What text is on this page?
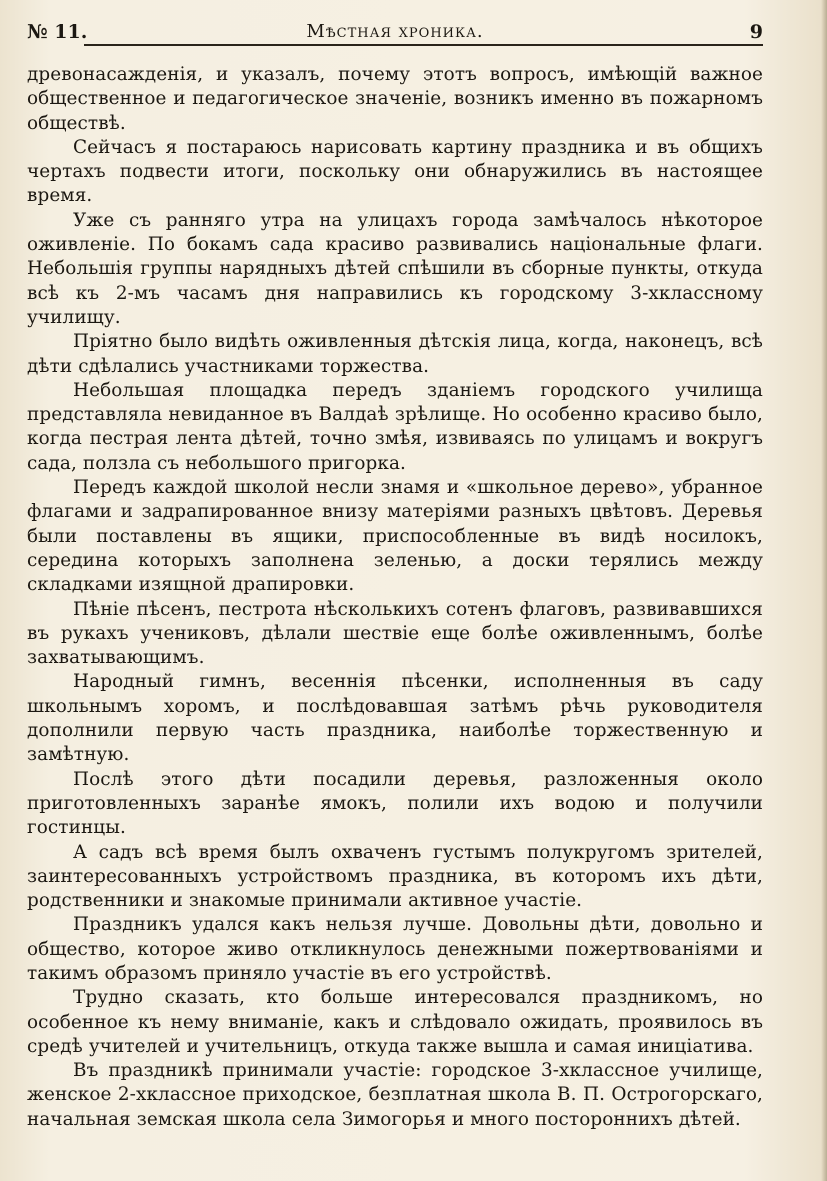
№ 11.	Мѣстная хроника.	9

древонасажденія, и указалъ, почему этотъ вопросъ, имѣющій важное общественное и педагогическое значеніе, возникъ именно въ пожарномъ обществѣ.

Сейчасъ я постараюсь нарисовать картину праздника и въ общихъ чертахъ подвести итоги, поскольку они обнаружились въ настоящее время.

Уже съ ранняго утра на улицахъ города замѣчалось нѣкоторое оживленіе. По бокамъ сада красиво развивались національные флаги. Небольшія группы нарядныхъ дѣтей спѣшили въ сборные пункты, откуда всѣ къ 2-мъ часамъ дня направились къ городскому 3-хклассному училищу.

Пріятно было видѣть оживленныя дѣтскія лица, когда, наконецъ, всѣ дѣти сдѣлались участниками торжества.

Небольшая площадка передъ зданіемъ городского училища представляла невиданное въ Валдаѣ зрѣлище. Но особенно красиво было, когда пестрая лента дѣтей, точно змѣя, извиваясь по улицамъ и вокругъ сада, ползла съ небольшого пригорка.

Передъ каждой школой несли знамя и «школьное дерево», убранное флагами и задрапированное внизу матеріями разныхъ цвѣтовъ. Деревья были поставлены въ ящики, приспособленные въ видѣ носилокъ, середина которыхъ заполнена зеленью, а доски терялись между складками изящной драпировки.

Пѣніе пѣсенъ, пестрота нѣсколькихъ сотенъ флаговъ, развивавшихся въ рукахъ учениковъ, дѣлали шествіе еще болѣе оживленнымъ, болѣе захватывающимъ.

Народный гимнъ, весеннія пѣсенки, исполненныя въ саду школьнымъ хоромъ, и послѣдовавшая затѣмъ рѣчь руководителя дополнили первую часть праздника, наиболѣе торжественную и замѣтную.

Послѣ этого дѣти посадили деревья, разложенныя около приготовленныхъ заранѣе ямокъ, полили ихъ водою и получили гостинцы.

А садъ всѣ время былъ охваченъ густымъ полукругомъ зрителей, заинтересованныхъ устройствомъ праздника, въ которомъ ихъ дѣти, родственники и знакомые принимали активное участіе.

Праздникъ удался какъ нельзя лучше. Довольны дѣти, довольно и общество, которое живо откликнулось денежными пожертвованіями и такимъ образомъ приняло участіе въ его устройствѣ.

Трудно сказать, кто больше интересовался праздникомъ, но особенное къ нему вниманіе, какъ и слѣдовало ожидать, проявилось въ средѣ учителей и учительницъ, откуда также вышла и самая иниціатива.

Въ праздникѣ принимали участіе: городское 3-хклассное училище, женское 2-хклассное приходское, безплатная школа В. П. Острогорскаго, начальная земская школа села Зимогорья и много постороннихъ дѣтей.
